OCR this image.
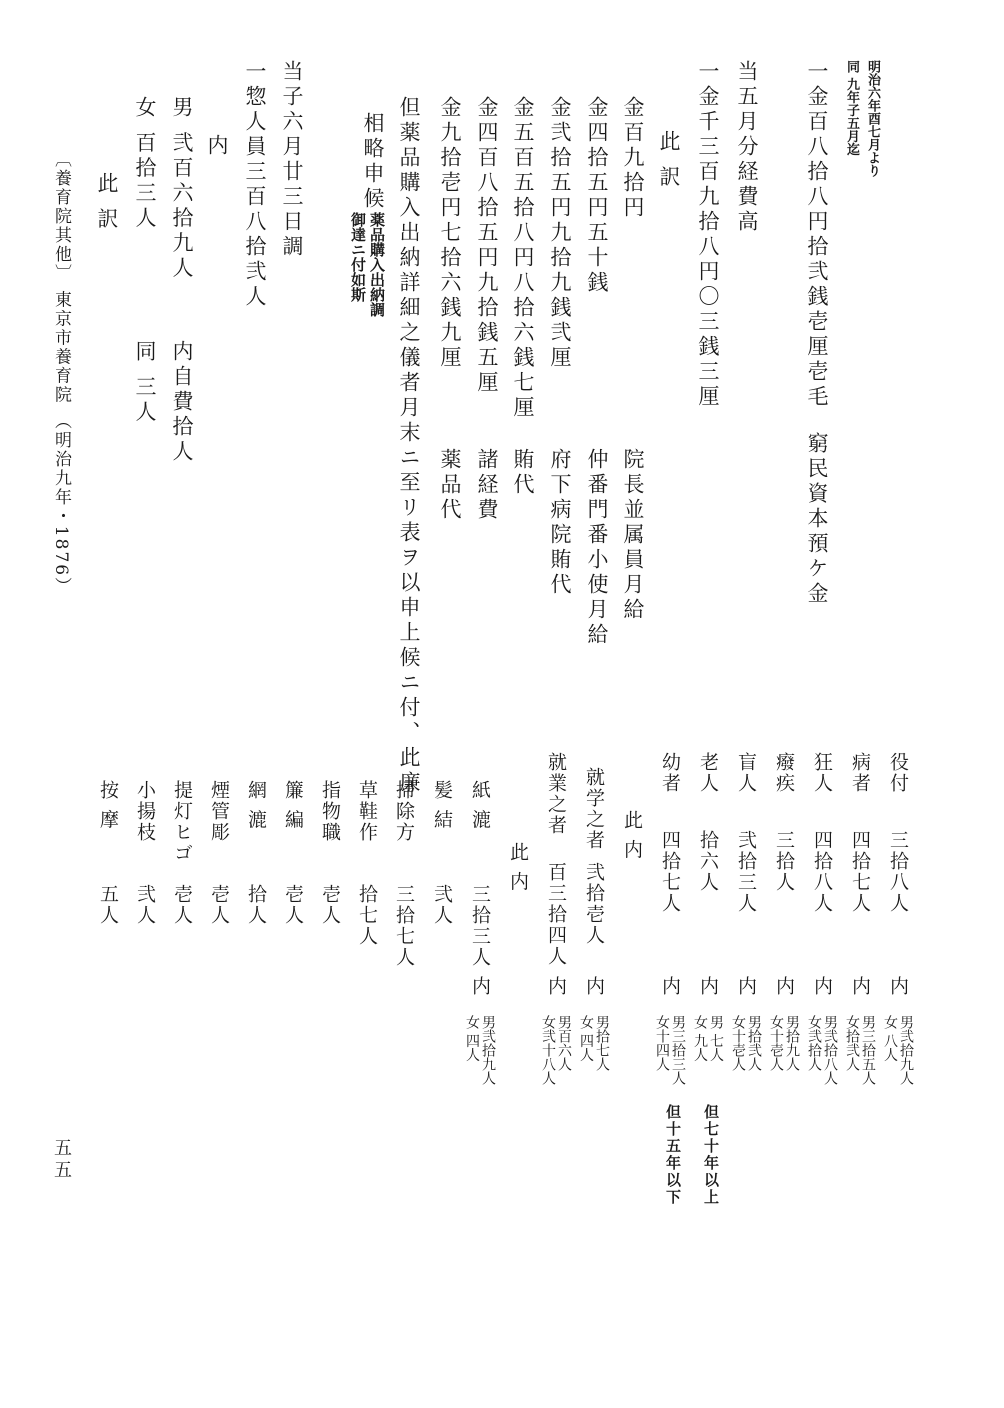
明治六年酉七月より
同 九年子五月迄
一金百八拾八円拾弐銭壱厘壱毛
窮民資本預ケ金
当五月分経費高
一金千三百九拾八円〇三銭三厘
此 訳
金百九拾円
院長並属員月給
金四拾五円五十銭
仲番門番小使月給
金弐拾五円九拾九銭弐厘
府下病院賄代
金五百五拾八円八拾六銭七厘
賄代
金四百八拾五円九拾銭五厘
諸経費
金九拾壱円七拾六銭九厘
薬品代
但薬品購入出納詳細之儀者月末ニ至リ表ヲ以申上候ニ付、此廉
相略申候
薬品購入出納調
御達ニ付如斯
当子六月廿三日調
一惣人員三百八拾弐人
内
男 弐百六拾九人
内自費拾人
女 百拾三人
同 三人
此 訳
〔養育院其他〕 東京市養育院 （明治九年・1876）
五五
役付
三拾八人
内
男弐拾九人
女 八人
病者
四拾七人
内
男三拾五人
女拾弐人
狂人
四拾八人
内
男弐拾八人
女弐拾人
癈疾
三拾人
内
男拾九人
女十壱人
盲人
弐拾三人
内
男拾弐人
女十壱人
老人
拾六人
内
男 七人
女 九人
但七十年以上
幼者
四拾七人
内
男三拾三人
女十四人
但十五年以下
此 内
就学之者
弐拾壱人
内
男拾七人
女 四人
就業之者
百三拾四人
内
男百六人
女弐十八人
此 内
紙 漉
三拾三人
内
男弐拾九人
女 四人
髪 結
弐人
掃除方
三拾七人
草鞋作
拾七人
指物職
壱人
簾 編
壱人
網 漉
拾人
煙管彫
壱人
提灯ヒゴ
壱人
小揚枝
弐人
按 摩
五人
